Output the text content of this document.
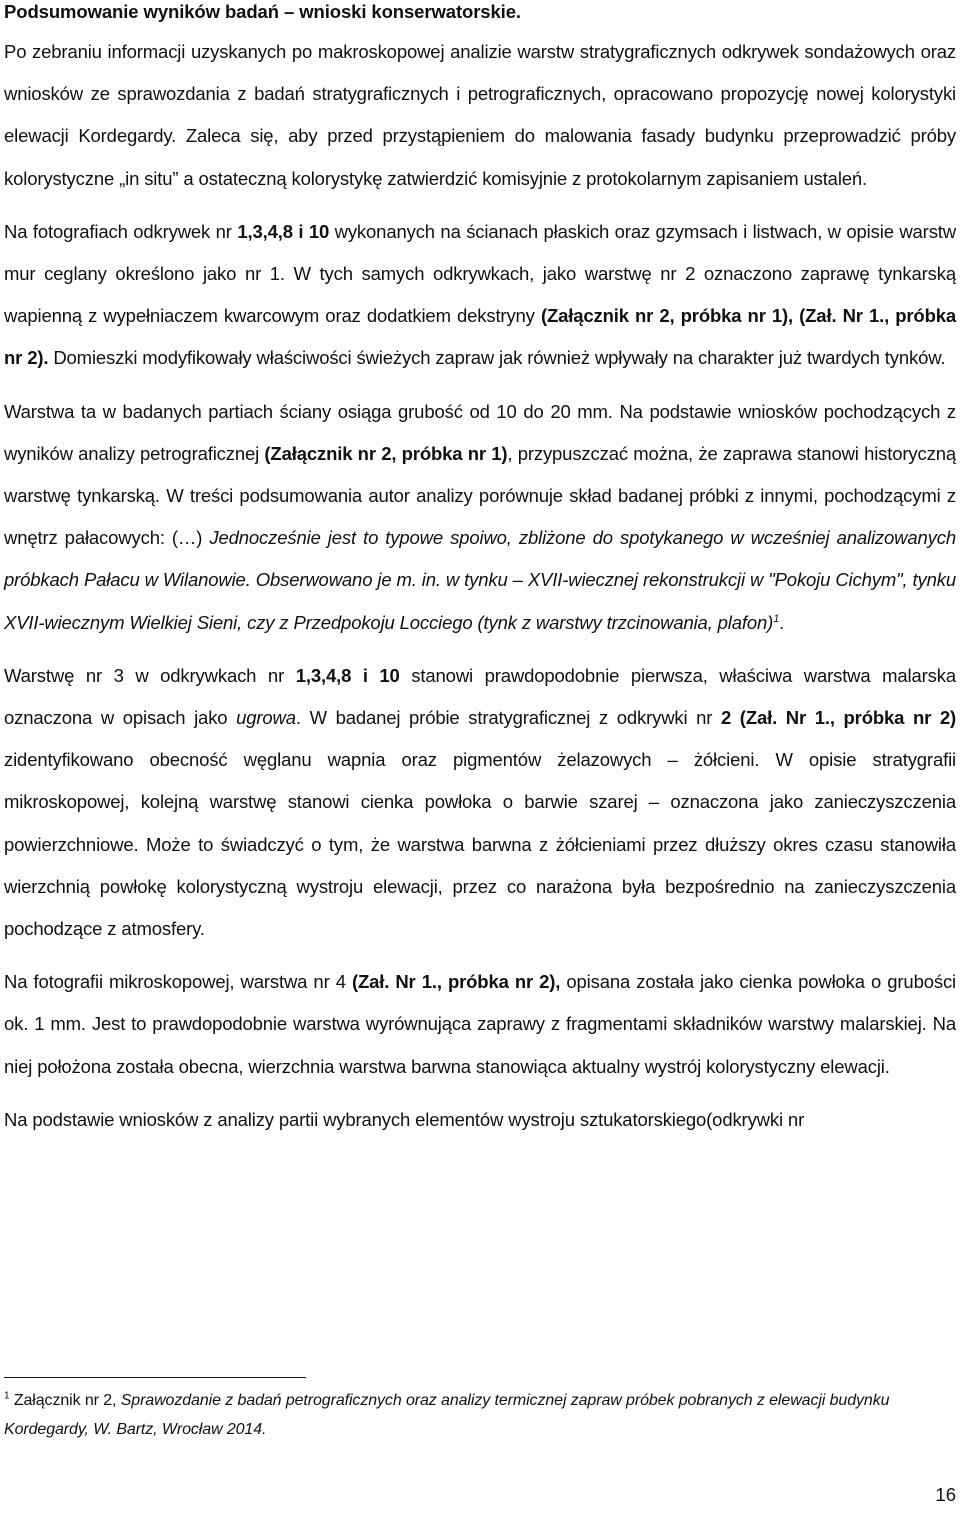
Podsumowanie wyników badań – wnioski konserwatorskie.

Po zebraniu informacji uzyskanych po makroskopowej analizie warstw stratygraficznych odkrywek sondażowych oraz wniosków ze sprawozdania z badań stratygraficznych i petrograficznych, opracowano propozycję nowej kolorystyki elewacji Kordegardy. Zaleca się, aby przed przystąpieniem do malowania fasady budynku przeprowadzić próby kolorystyczne „in situ” a ostateczną kolorystykę zatwierdzić komisyjnie z protokolarnym zapisaniem ustaleń.

Na fotografiach odkrywek nr 1,3,4,8 i 10 wykonanych na ścianach płaskich oraz gzymsach i listwach, w opisie warstw mur ceglany określono jako nr 1. W tych samych odkrywkach, jako warstwę nr 2 oznaczono zaprawę tynkarską wapienną z wypełniaczem kwarcowym oraz dodatkiem dekstryny (Załącznik nr 2, próbka nr 1), (Zał. Nr 1., próbka nr 2). Domieszki modyfikowały właściwości świeżych zapraw jak również wpływały na charakter już twardych tynków.

Warstwa ta w badanych partiach ściany osiąga grubość od 10 do 20 mm. Na podstawie wniosków pochodzących z wyników analizy petrograficznej (Załącznik nr 2, próbka nr 1), przypuszczać można, że zaprawa stanowi historyczną warstwę tynkarską. W treści podsumowania autor analizy porównuje skład badanej próbki z innymi, pochodzącymi z wnętrz pałacowych: (…) Jednocześnie jest to typowe spoiwo, zbliżone do spotykanego w wcześniej analizowanych próbkach Pałacu w Wilanowie. Obserwowano je m. in. w tynku – XVII-wiecznej rekonstrukcji w "Pokoju Cichym", tynku XVII-wiecznym Wielkiej Sieni, czy z Przedpokoju Locciego (tynk z warstwy trzcinowania, plafon)$^1$.

Warstwę nr 3 w odkrywkach nr 1,3,4,8 i 10 stanowi prawdopodobnie pierwsza, właściwa warstwa malarska oznaczona w opisach jako ugrowa. W badanej próbie stratygraficznej z odkrywki nr 2 (Zał. Nr 1., próbka nr 2) zidentyfikowano obecność węglanu wapnia oraz pigmentów żelazowych – żółcieni. W opisie stratygrafii mikroskopowej, kolejną warstwę stanowi cienka powłoka o barwie szarej – oznaczona jako zanieczyszczenia powierzchniowe. Może to świadczyć o tym, że warstwa barwna z żółcieniami przez dłuższy okres czasu stanowiła wierzchnią powłokę kolorystyczną wystroju elewacji, przez co narażona była bezpośrednio na zanieczyszczenia pochodzące z atmosfery.

Na fotografii mikroskopowej, warstwa nr 4 (Zał. Nr 1., próbka nr 2), opisana została jako cienka powłoka o grubości ok. 1 mm. Jest to prawdopodobnie warstwa wyrównująca zaprawy z fragmentami składników warstwy malarskiej. Na niej położona została obecna, wierzchnia warstwa barwna stanowiąca aktualny wystrój kolorystyczny elewacji.

Na podstawie wniosków z analizy partii wybranych elementów wystroju sztukatorskiego(odkrywki nr

$^1$ Załącznik nr 2, Sprawozdanie z badań petrograficznych oraz analizy termicznej zapraw próbek pobranych z elewacji budynku Kordegardy, W. Bartz, Wrocław 2014.

16
